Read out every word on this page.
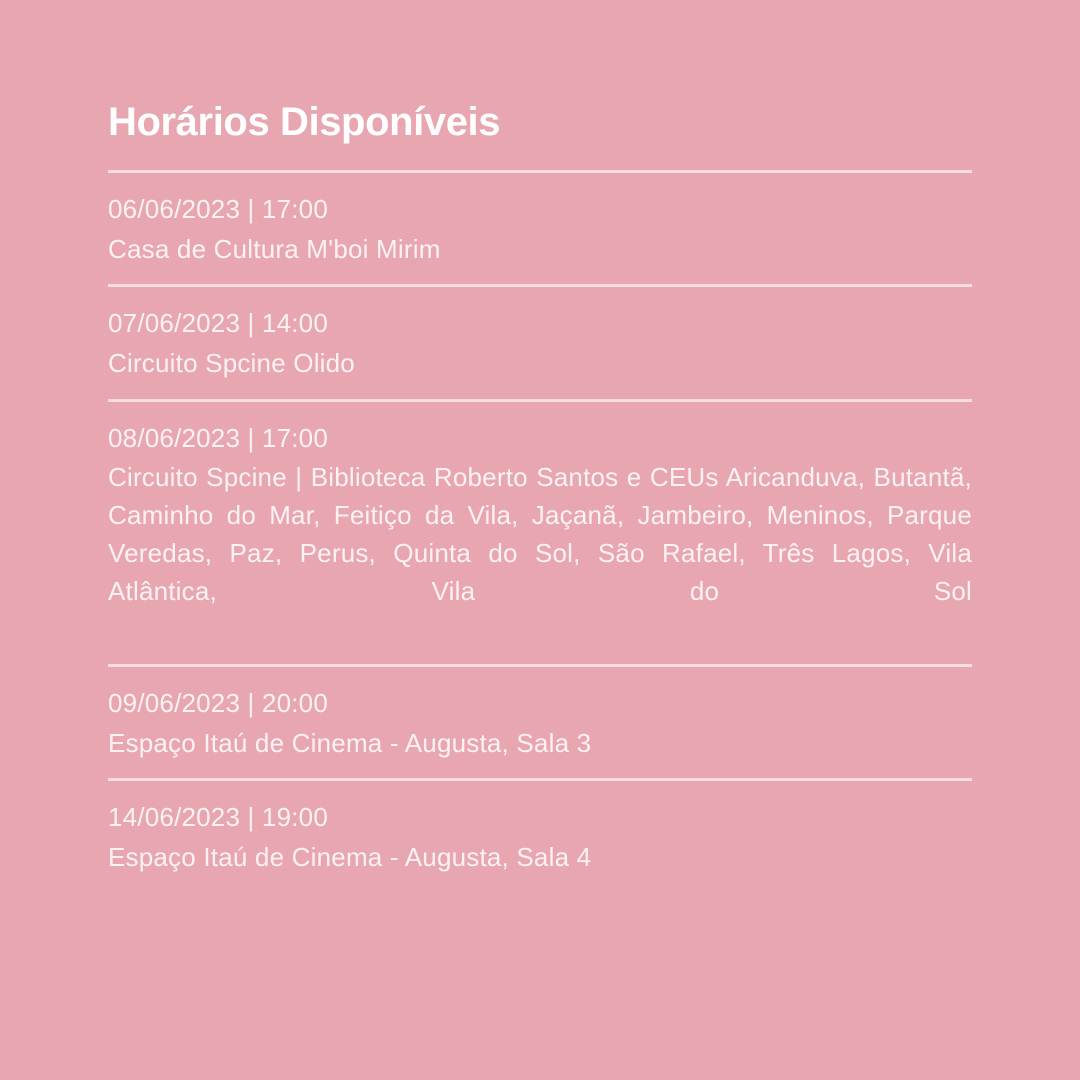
Horários Disponíveis
06/06/2023 | 17:00
Casa de Cultura M'boi Mirim
07/06/2023 | 14:00
Circuito Spcine Olido
08/06/2023 | 17:00
Circuito Spcine | Biblioteca Roberto Santos e CEUs Aricanduva, Butantã, Caminho do Mar, Feitiço da Vila, Jaçanã, Jambeiro, Meninos, Parque Veredas, Paz, Perus, Quinta do Sol, São Rafael, Três Lagos, Vila Atlântica, Vila do Sol
09/06/2023 | 20:00
Espaço Itaú de Cinema - Augusta, Sala 3
14/06/2023 | 19:00
Espaço Itaú de Cinema - Augusta, Sala 4
